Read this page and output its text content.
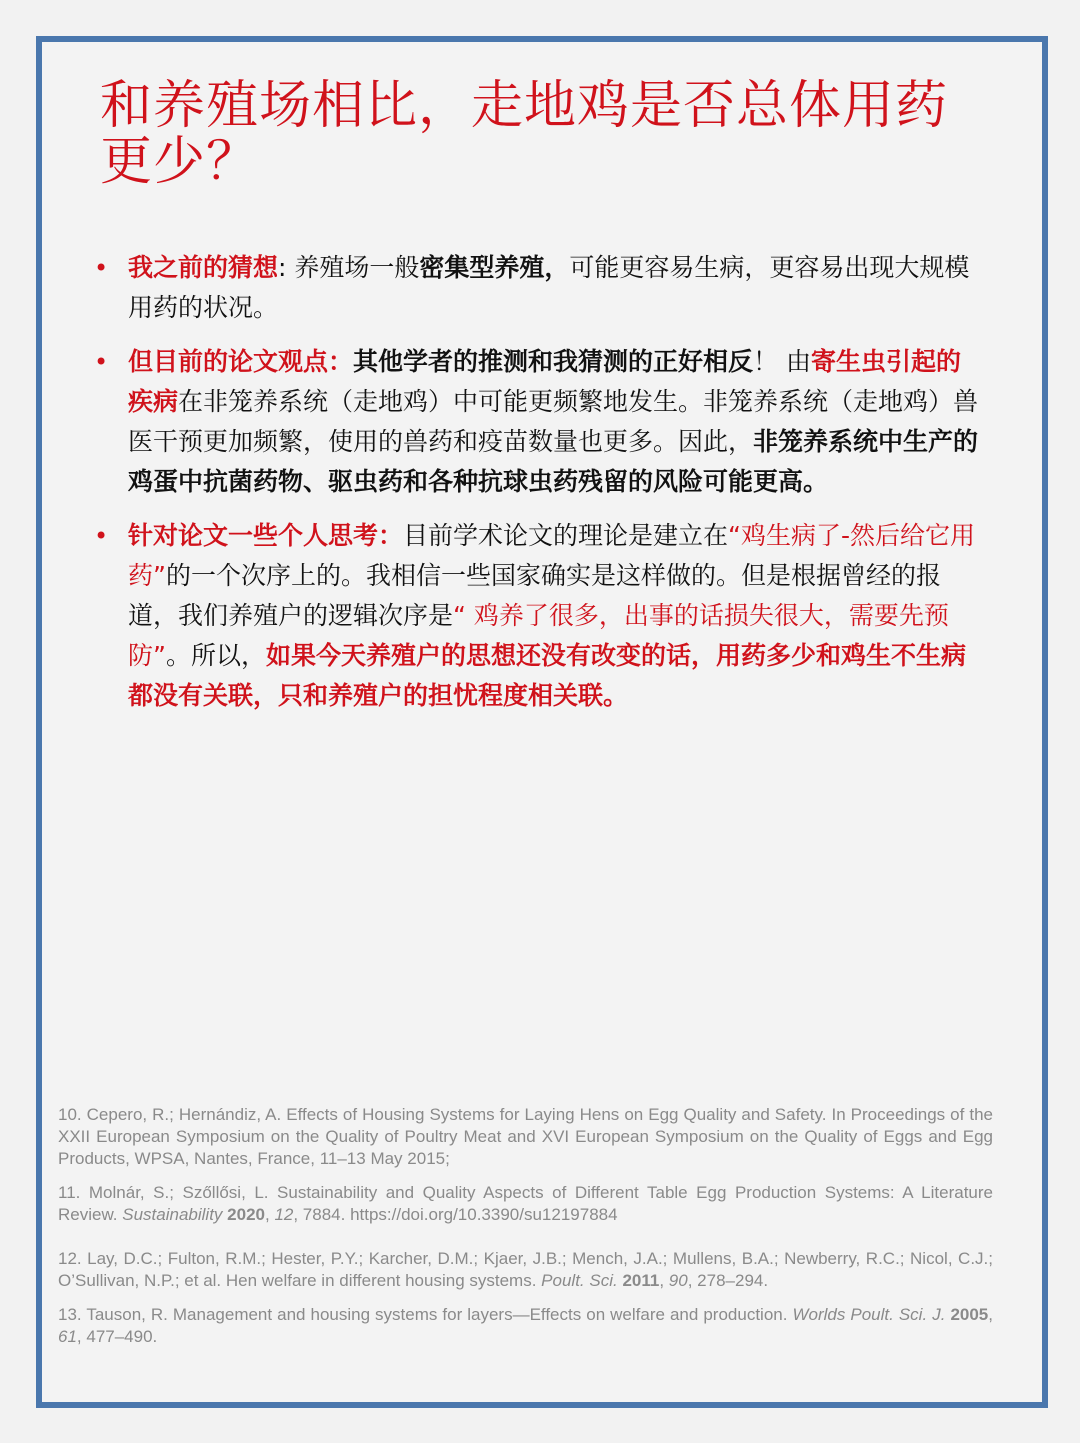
和养殖场相比，走地鸡是否总体用药更少？
• 我之前的猜想: 养殖场一般密集型养殖，可能更容易生病，更容易出现大规模用药的状况。
• 但目前的论文观点：其他学者的推测和我猜测的正好相反！ 由寄生虫引起的疾病在非笼养系统（走地鸡）中可能更频繁地发生。非笼养系统（走地鸡）兽医干预更加频繁，使用的兽药和疫苗数量也更多。因此，非笼养系统中生产的鸡蛋中抗菌药物、驱虫药和各种抗球虫药残留的风险可能更高。
• 针对论文一些个人思考：目前学术论文的理论是建立在“鸡生病了-然后给它用药”的一个次序上的。我相信一些国家确实是这样做的。但是根据曾经的报道，我们养殖户的逻辑次序是“ 鸡养了很多，出事的话损失很大，需要先预防”。所以，如果今天养殖户的思想还没有改变的话，用药多少和鸡生不生病都没有关联，只和养殖户的担忧程度相关联。

10. Cepero, R.; Hernándiz, A. Effects of Housing Systems for Laying Hens on Egg Quality and Safety. In Proceedings of the XXII European Symposium on the Quality of Poultry Meat and XVI European Symposium on the Quality of Eggs and Egg Products, WPSA, Nantes, France, 11–13 May 2015;

11. Molnár, S.; Szőllősi, L. Sustainability and Quality Aspects of Different Table Egg Production Systems: A Literature Review. Sustainability 2020, 12, 7884. https://doi.org/10.3390/su12197884

12. Lay, D.C.; Fulton, R.M.; Hester, P.Y.; Karcher, D.M.; Kjaer, J.B.; Mench, J.A.; Mullens, B.A.; Newberry, R.C.; Nicol, C.J.; O’Sullivan, N.P.; et al. Hen welfare in different housing systems. Poult. Sci. 2011, 90, 278–294.

13. Tauson, R. Management and housing systems for layers—Effects on welfare and production. Worlds Poult. Sci. J. 2005, 61, 477–490.
